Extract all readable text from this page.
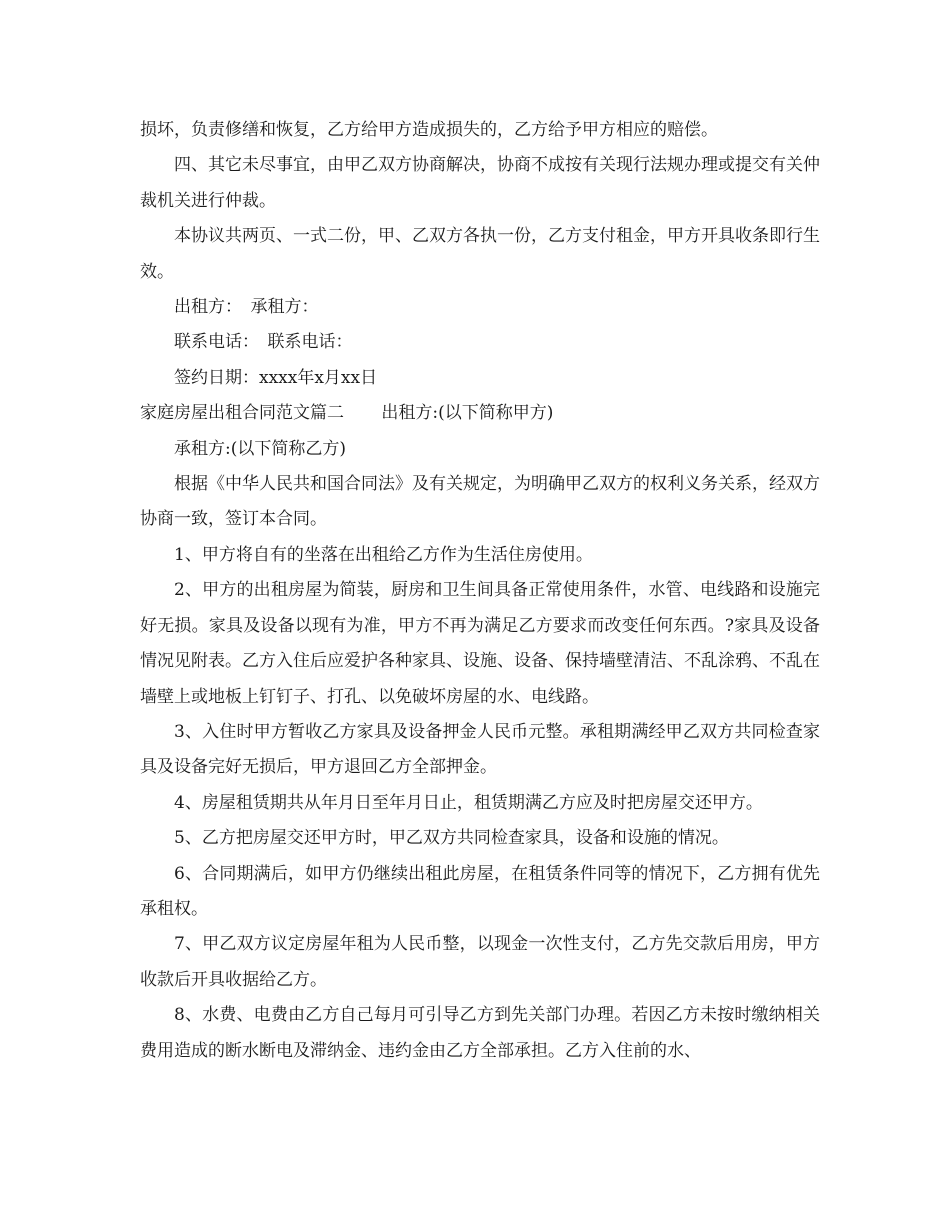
损坏，负责修缮和恢复，乙方给甲方造成损失的，乙方给予甲方相应的赔偿。

四、其它未尽事宜，由甲乙双方协商解决，协商不成按有关现行法规办理或提交有关仲裁机关进行仲裁。

本协议共两页、一式二份，甲、乙双方各执一份，乙方支付租金，甲方开具收条即行生效。

出租方：　承租方：

联系电话：　联系电话：

签约日期：xxxx年x月xx日

家庭房屋出租合同范文篇二 出租方:(以下简称甲方)

承租方:(以下简称乙方)

根据《中华人民共和国合同法》及有关规定，为明确甲乙双方的权利义务关系，经双方协商一致，签订本合同。

1、甲方将自有的坐落在出租给乙方作为生活住房使用。

2、甲方的出租房屋为简装，厨房和卫生间具备正常使用条件，水管、电线路和设施完好无损。家具及设备以现有为准，甲方不再为满足乙方要求而改变任何东西。?家具及设备情况见附表。乙方入住后应爱护各种家具、设施、设备、保持墙壁清洁、不乱涂鸦、不乱在墙壁上或地板上钉钉子、打孔、以免破坏房屋的水、电线路。

3、入住时甲方暂收乙方家具及设备押金人民币元整。承租期满经甲乙双方共同检查家具及设备完好无损后，甲方退回乙方全部押金。

4、房屋租赁期共从年月日至年月日止，租赁期满乙方应及时把房屋交还甲方。

5、乙方把房屋交还甲方时，甲乙双方共同检查家具，设备和设施的情况。

6、合同期满后，如甲方仍继续出租此房屋，在租赁条件同等的情况下，乙方拥有优先承租权。

7、甲乙双方议定房屋年租为人民币整，以现金一次性支付，乙方先交款后用房，甲方收款后开具收据给乙方。

8、水费、电费由乙方自己每月可引导乙方到先关部门办理。若因乙方未按时缴纳相关费用造成的断水断电及滞纳金、违约金由乙方全部承担。乙方入住前的水、
